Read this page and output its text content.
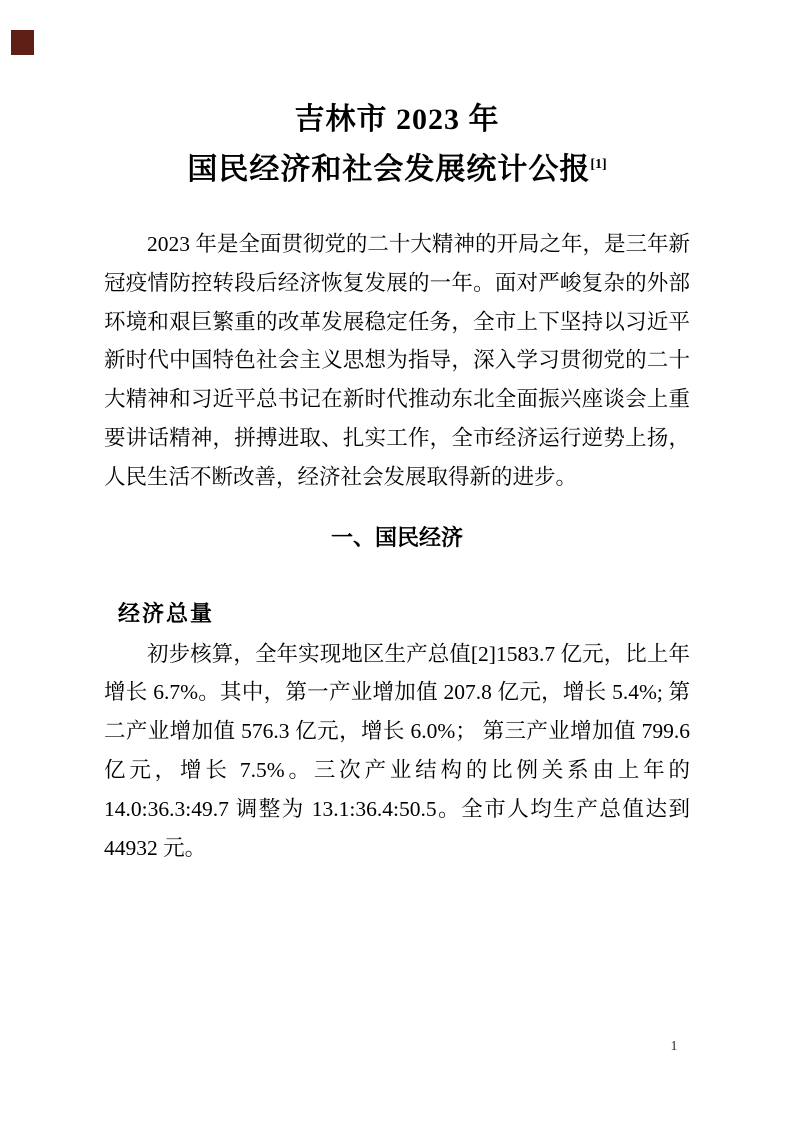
吉林市 2023 年
国民经济和社会发展统计公报[1]

2023 年是全面贯彻党的二十大精神的开局之年，是三年新冠疫情防控转段后经济恢复发展的一年。面对严峻复杂的外部环境和艰巨繁重的改革发展稳定任务，全市上下坚持以习近平新时代中国特色社会主义思想为指导，深入学习贯彻党的二十大精神和习近平总书记在新时代推动东北全面振兴座谈会上重要讲话精神，拼搏进取、扎实工作，全市经济运行逆势上扬，人民生活不断改善，经济社会发展取得新的进步。

一、国民经济
经济总量

初步核算，全年实现地区生产总值[2]1583.7 亿元，比上年增长 6.7%。其中，第一产业增加值 207.8 亿元，增长 5.4%; 第二产业增加值 576.3 亿元，增长 6.0%； 第三产业增加值 799.6 亿元，增长 7.5%。三次产业结构的比例关系由上年的 14.0:36.3:49.7 调整为 13.1:36.4:50.5。全市人均生产总值达到 44932 元。

1
